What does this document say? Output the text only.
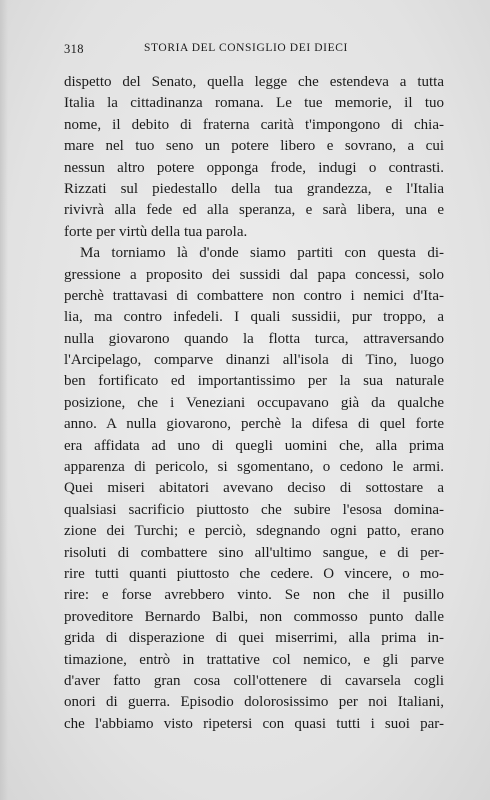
318	STORIA DEL CONSIGLIO DEI DIECI
dispetto del Senato, quella legge che estendeva a tutta
Italia la cittadinanza romana. Le tue memorie, il tuo
nome, il debito di fraterna carità t'impongono di chia-
mare nel tuo seno un potere libero e sovrano, a cui
nessun altro potere opponga frode, indugi o contrasti.
Rizzati sul piedestallo della tua grandezza, e l'Italia
rivivrà alla fede ed alla speranza, e sarà libera, una e
forte per virtù della tua parola.
Ma torniamo là d'onde siamo partiti con questa di-
gressione a proposito dei sussidi dal papa concessi, solo
perchè trattavasi di combattere non contro i nemici d'Ita-
lia, ma contro infedeli. I quali sussidii, pur troppo, a
nulla giovarono quando la flotta turca, attraversando
l'Arcipelago, comparve dinanzi all'isola di Tino, luogo
ben fortificato ed importantissimo per la sua naturale
posizione, che i Veneziani occupavano già da qualche
anno. A nulla giovarono, perchè la difesa di quel forte
era affidata ad uno di quegli uomini che, alla prima
apparenza di pericolo, si sgomentano, o cedono le armi.
Quei miseri abitatori avevano deciso di sottostare a
qualsiasi sacrificio piuttosto che subire l'esosa domina-
zione dei Turchi; e perciò, sdegnando ogni patto, erano
risoluti di combattere sino all'ultimo sangue, e di per-
rire tutti quanti piuttosto che cedere. O vincere, o mo-
rire: e forse avrebbero vinto. Se non che il pusillo
proveditore Bernardo Balbi, non commosso punto dalle
grida di disperazione di quei miserrimi, alla prima in-
timazione, entrò in trattative col nemico, e gli parve
d'aver fatto gran cosa coll'ottenere di cavarsela cogli
onori di guerra. Episodio dolorosissimo per noi Italiani,
che l'abbiamo visto ripetersi con quasi tutti i suoi par-
